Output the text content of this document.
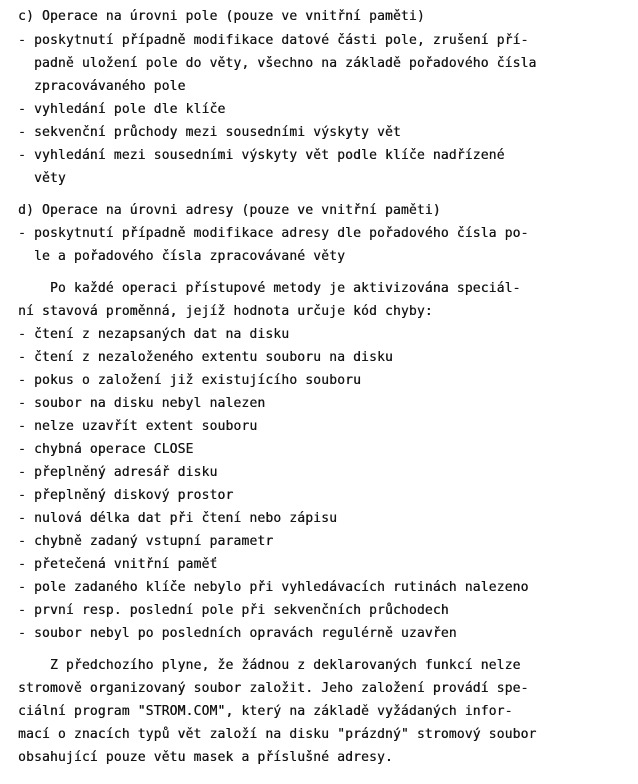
c) Operace na úrovni pole (pouze ve vnitřní paměti)
- poskytnutí případně modifikace datové části pole, zrušení pří-
padně uložení pole do věty, všechno na základě pořadového čísla
zpracovávaného pole
- vyhledání pole dle klíče
- sekvenční průchody mezi sousedními výskyty vět
- vyhledání mezi sousedními výskyty vět podle klíče nadřízené
věty
d) Operace na úrovni adresy (pouze ve vnitřní paměti)
- poskytnutí případně modifikace adresy dle pořadového čísla po-
le a pořadového čísla zpracovávané věty
Po každé operaci přístupové metody je aktivizována speciál-
ní stavová proměnná, jejíž hodnota určuje kód chyby:
- čtení z nezapsaných dat na disku
- čtení z nezaloženého extentu souboru na disku
- pokus o založení již existujícího souboru
- soubor na disku nebyl nalezen
- nelze uzavřít extent souboru
- chybná operace CLOSE
- přeplněný adresář disku
- přeplněný diskový prostor
- nulová délka dat při čtení nebo zápisu
- chybně zadaný vstupní parametr
- přetečená vnitřní paměť
- pole zadaného klíče nebylo při vyhledávacích rutinách nalezeno
- první resp. poslední pole při sekvenčních průchodech
- soubor nebyl po posledních opravách regulérně uzavřen
Z předchozího plyne, že žádnou z deklarovaných funkcí nelze
stromově organizovaný soubor založit. Jeho založení provádí spe-
ciální program "STROM.COM", který na základě vyžádaných infor-
mací o znacích typů vět založí na disku "prázdný" stromový soubor
obsahující pouze větu masek a příslušné adresy.
